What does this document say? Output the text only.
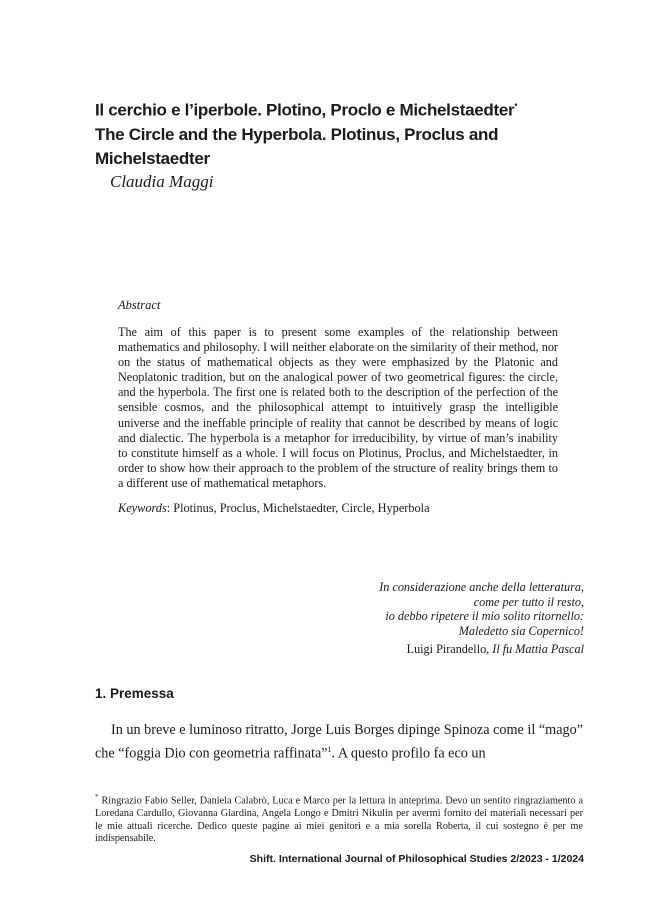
Il cerchio e l’iperbole. Plotino, Proclo e Michelstaedter*
The Circle and the Hyperbola. Plotinus, Proclus and
Michelstaedter
Claudia Maggi
Abstract

The aim of this paper is to present some examples of the relationship between mathematics and philosophy. I will neither elaborate on the similarity of their method, nor on the status of mathematical objects as they were emphasized by the Platonic and Neoplatonic tradition, but on the analogical power of two geometrical figures: the circle, and the hyperbola. The first one is related both to the description of the perfection of the sensible cosmos, and the philosophical attempt to intuitively grasp the intelligible universe and the ineffable principle of reality that cannot be described by means of logic and dialectic. The hyperbola is a metaphor for irreducibility, by virtue of man’s inability to constitute himself as a whole. I will focus on Plotinus, Proclus, and Michelstaedter, in order to show how their approach to the problem of the structure of reality brings them to a different use of mathematical metaphors.

Keywords: Plotinus, Proclus, Michelstaedter, Circle, Hyperbola
In considerazione anche della letteratura,
come per tutto il resto,
io debbo ripetere il mio solito ritornello:
Maledetto sia Copernico!
Luigi Pirandello, Il fu Mattia Pascal
1. Premessa

In un breve e luminoso ritratto, Jorge Luis Borges dipinge Spinoza come il “mago” che “foggia Dio con geometria raffinata”$^1$. A questo profilo fa eco un

* Ringrazio Fabio Seller, Daniela Calabrò, Luca e Marco per la lettura in anteprima. Devo un sentito ringraziamento a Loredana Cardullo, Giovanna Giardina, Angela Longo e Dmitri Nikulin per avermi fornito dei materiali necessari per le mie attuali ricerche. Dedico queste pagine ai miei genitori e a mia sorella Roberta, il cui sostegno è per me indispensabile.

Shift. International Journal of Philosophical Studies 2/2023 - 1/2024
